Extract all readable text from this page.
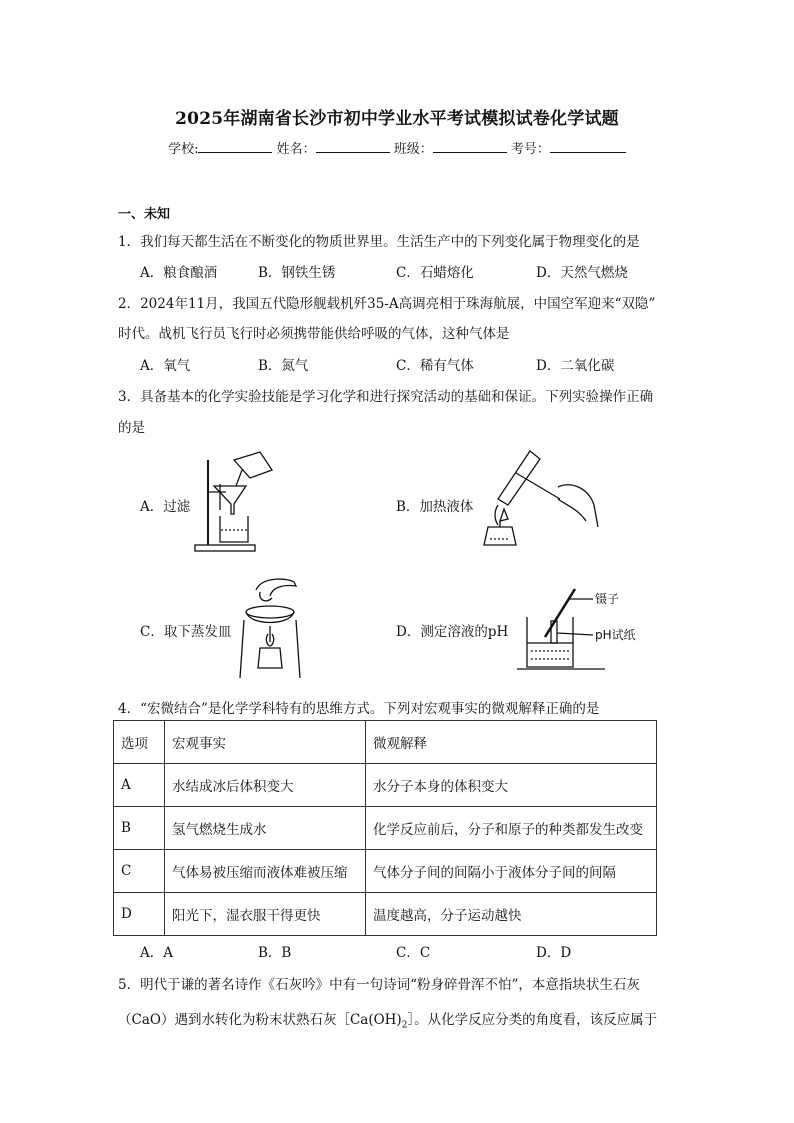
2025年湖南省长沙市初中学业水平考试模拟试卷化学试题
学校:	姓名：	班级：	考号：
一、未知
1．我们每天都生活在不断变化的物质世界里。生活生产中的下列变化属于物理变化的是
A．粮食酿酒	B．钢铁生锈	C．石蜡熔化	D．天然气燃烧
2．2024年11月，我国五代隐形舰载机歼35-A高调亮相于珠海航展，中国空军迎来“双隐”
时代。战机飞行员飞行时必须携带能供给呼吸的气体，这种气体是
A．氧气	B．氮气	C．稀有气体	D．二氧化碳
3．具备基本的化学实验技能是学习化学和进行探究活动的基础和保证。下列实验操作正确
的是
A．过滤	B．加热液体
C．取下蒸发皿	D．测定溶液的pH
镊子
pH试纸
4．“宏微结合”是化学学科特有的思维方式。下列对宏观事实的微观解释正确的是
选项	宏观事实	微观解释
A	水结成冰后体积变大	水分子本身的体积变大
B	氢气燃烧生成水	化学反应前后，分子和原子的种类都发生改变
C	气体易被压缩而液体难被压缩	气体分子间的间隔小于液体分子间的间隔
D	阳光下，湿衣服干得更快	温度越高，分子运动越快
A．A	B．B	C．C	D．D
5．明代于谦的著名诗作《石灰吟》中有一句诗词“粉身碎骨浑不怕”，本意指块状生石灰
（CaO）遇到水转化为粉末状熟石灰$[Ca(OH)_2]$。从化学反应分类的角度看，该反应属于
